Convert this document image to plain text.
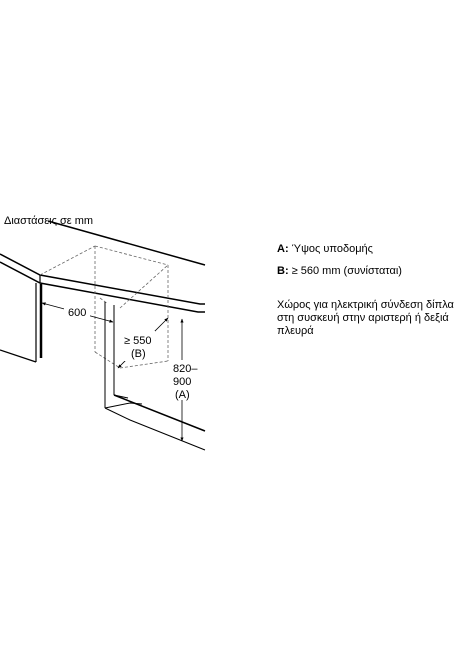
Διαστάσεις σε mm
A: Ύψος υποδομής
B: ≥ 560 mm (συνίσταται)
Χώρος για ηλεκτρική σύνδεση δίπλα
στη συσκευή στην αριστερή ή δεξιά
πλευρά
600
≥ 550
(B)
820–
900
(A)
